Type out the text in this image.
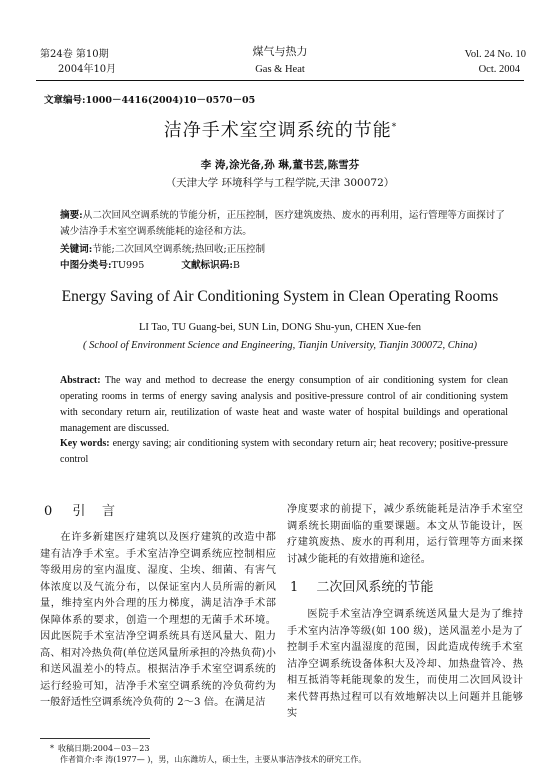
第24卷 第10期
2004年10月
煤气与热力
Gas & Heat
Vol. 24 No. 10
Oct. 2004
文章编号:1000－4416(2004)10－0570－05
洁净手术室空调系统的节能*
李 涛,涂光备,孙 琳,董书芸,陈雪芬
（天津大学 环境科学与工程学院,天津 300072）
摘要:从二次回风空调系统的节能分析，正压控制，医疗建筑废热、废水的再利用，运行管理等方面探讨了减少洁净手术室空调系统能耗的途径和方法。
关键词:节能;二次回风空调系统;热回收;正压控制
中图分类号:TU995	文献标识码:B
Energy Saving of Air Conditioning System in Clean Operating Rooms
LI Tao, TU Guang-bei, SUN Lin, DONG Shu-yun, CHEN Xue-fen
( School of Environment Science and Engineering, Tianjin University, Tianjin 300072, China)
Abstract: The way and method to decrease the energy consumption of air conditioning system for clean operating rooms in terms of energy saving analysis and positive-pressure control of air conditioning system with secondary return air, reutilization of waste heat and waste water of hospital buildings and operational management are discussed.
Key words: energy saving; air conditioning system with secondary return air; heat recovery; positive-pressure control
0 引    言

在许多新建医疗建筑以及医疗建筑的改造中都建有洁净手术室。手术室洁净空调系统应控制相应等级用房的室内温度、湿度、尘埃、细菌、有害气体浓度以及气流分布，以保证室内人员所需的新风量，维持室内外合理的压力梯度，满足洁净手术部保障体系的要求，创造一个理想的无菌手术环境。因此医院手术室洁净空调系统具有送风量大、阻力高、相对冷热负荷(单位送风量所承担的冷热负荷)小和送风温差小的特点。根据洁净手术室空调系统的运行经验可知，洁净手术室空调系统的冷负荷约为一般舒适性空调系统冷负荷的 2～3 倍。在满足洁

净度要求的前提下，减少系统能耗是洁净手术室空调系统长期面临的重要课题。本文从节能设计，医疗建筑废热、废水的再利用，运行管理等方面来探讨减少能耗的有效措施和途径。

1 二次回风系统的节能

医院手术室洁净空调系统送风量大是为了维持手术室内洁净等级(如 100 级)，送风温差小是为了控制手术室内温湿度的范围，因此造成传统手术室洁净空调系统设备体积大及冷却、加热盘管冷、热相互抵消等耗能现象的发生，而使用二次回风设计来代替再热过程可以有效地解决以上问题并且能够实

* 收稿日期:2004－03－23
作者简介:李 涛(1977— )，男，山东潍坊人，硕士生，主要从事洁净技术的研究工作。
